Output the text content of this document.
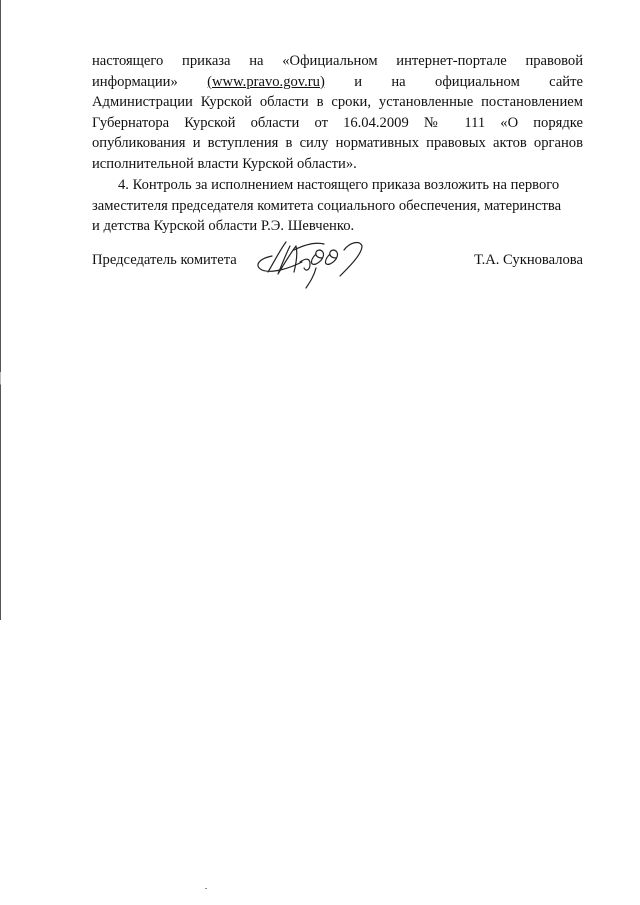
настоящего приказа на «Официальном интернет-портале правовой
информации» (www.pravo.gov.ru) и на официальном сайте
Администрации Курской области в сроки, установленные постановлением
Губернатора Курской области от 16.04.2009 № 111 «О порядке
опубликования и вступления в силу нормативных правовых актов органов
исполнительной власти Курской области».
4. Контроль за исполнением настоящего приказа возложить на первого
заместителя председателя комитета социального обеспечения, материнства
и детства Курской области Р.Э. Шевченко.
Председатель комитета	Т.А. Сукновалова
